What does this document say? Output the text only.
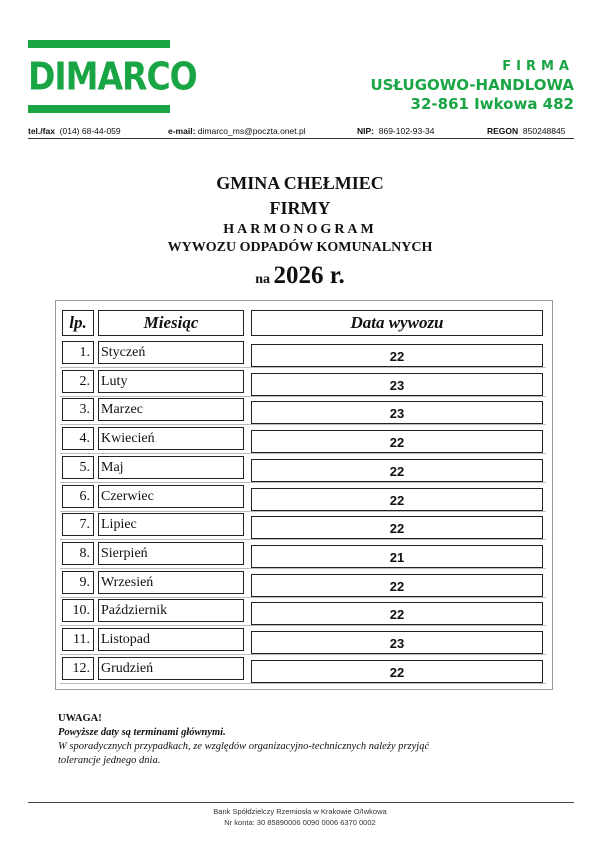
DIMARCO	FIRMA
USŁUGOWO-HANDLOWA
32-861 Iwkowa 482
tel./fax (014) 68-44-059	e-mail: dimarco_ms@poczta.onet.pl	NIP: 869-102-93-34	REGON 850248845
GMINA CHEŁMIEC
FIRMY
HARMONOGRAM
WYWOZU ODPADÓW KOMUNALNYCH
na 2026 r.
lp.	Miesiąc	Data wywozu
1. Styczeń	22
2. Luty	23
3. Marzec	23
4. Kwiecień	22
5. Maj	22
6. Czerwiec	22
7. Lipiec	22
8. Sierpień	21
9. Wrzesień	22
10. Październik	22
11. Listopad	23
12. Grudzień	22
UWAGA!
Powyższe daty są terminami głównymi.
W sporadycznych przypadkach, ze względów organizacyjno-technicznych należy przyjąć
tolerancje jednego dnia.
Bank Spółdzielczy Rzemiosła w Krakowie O/Iwkowa
Nr konta: 30 85890006 0090 0006 6370 0002
